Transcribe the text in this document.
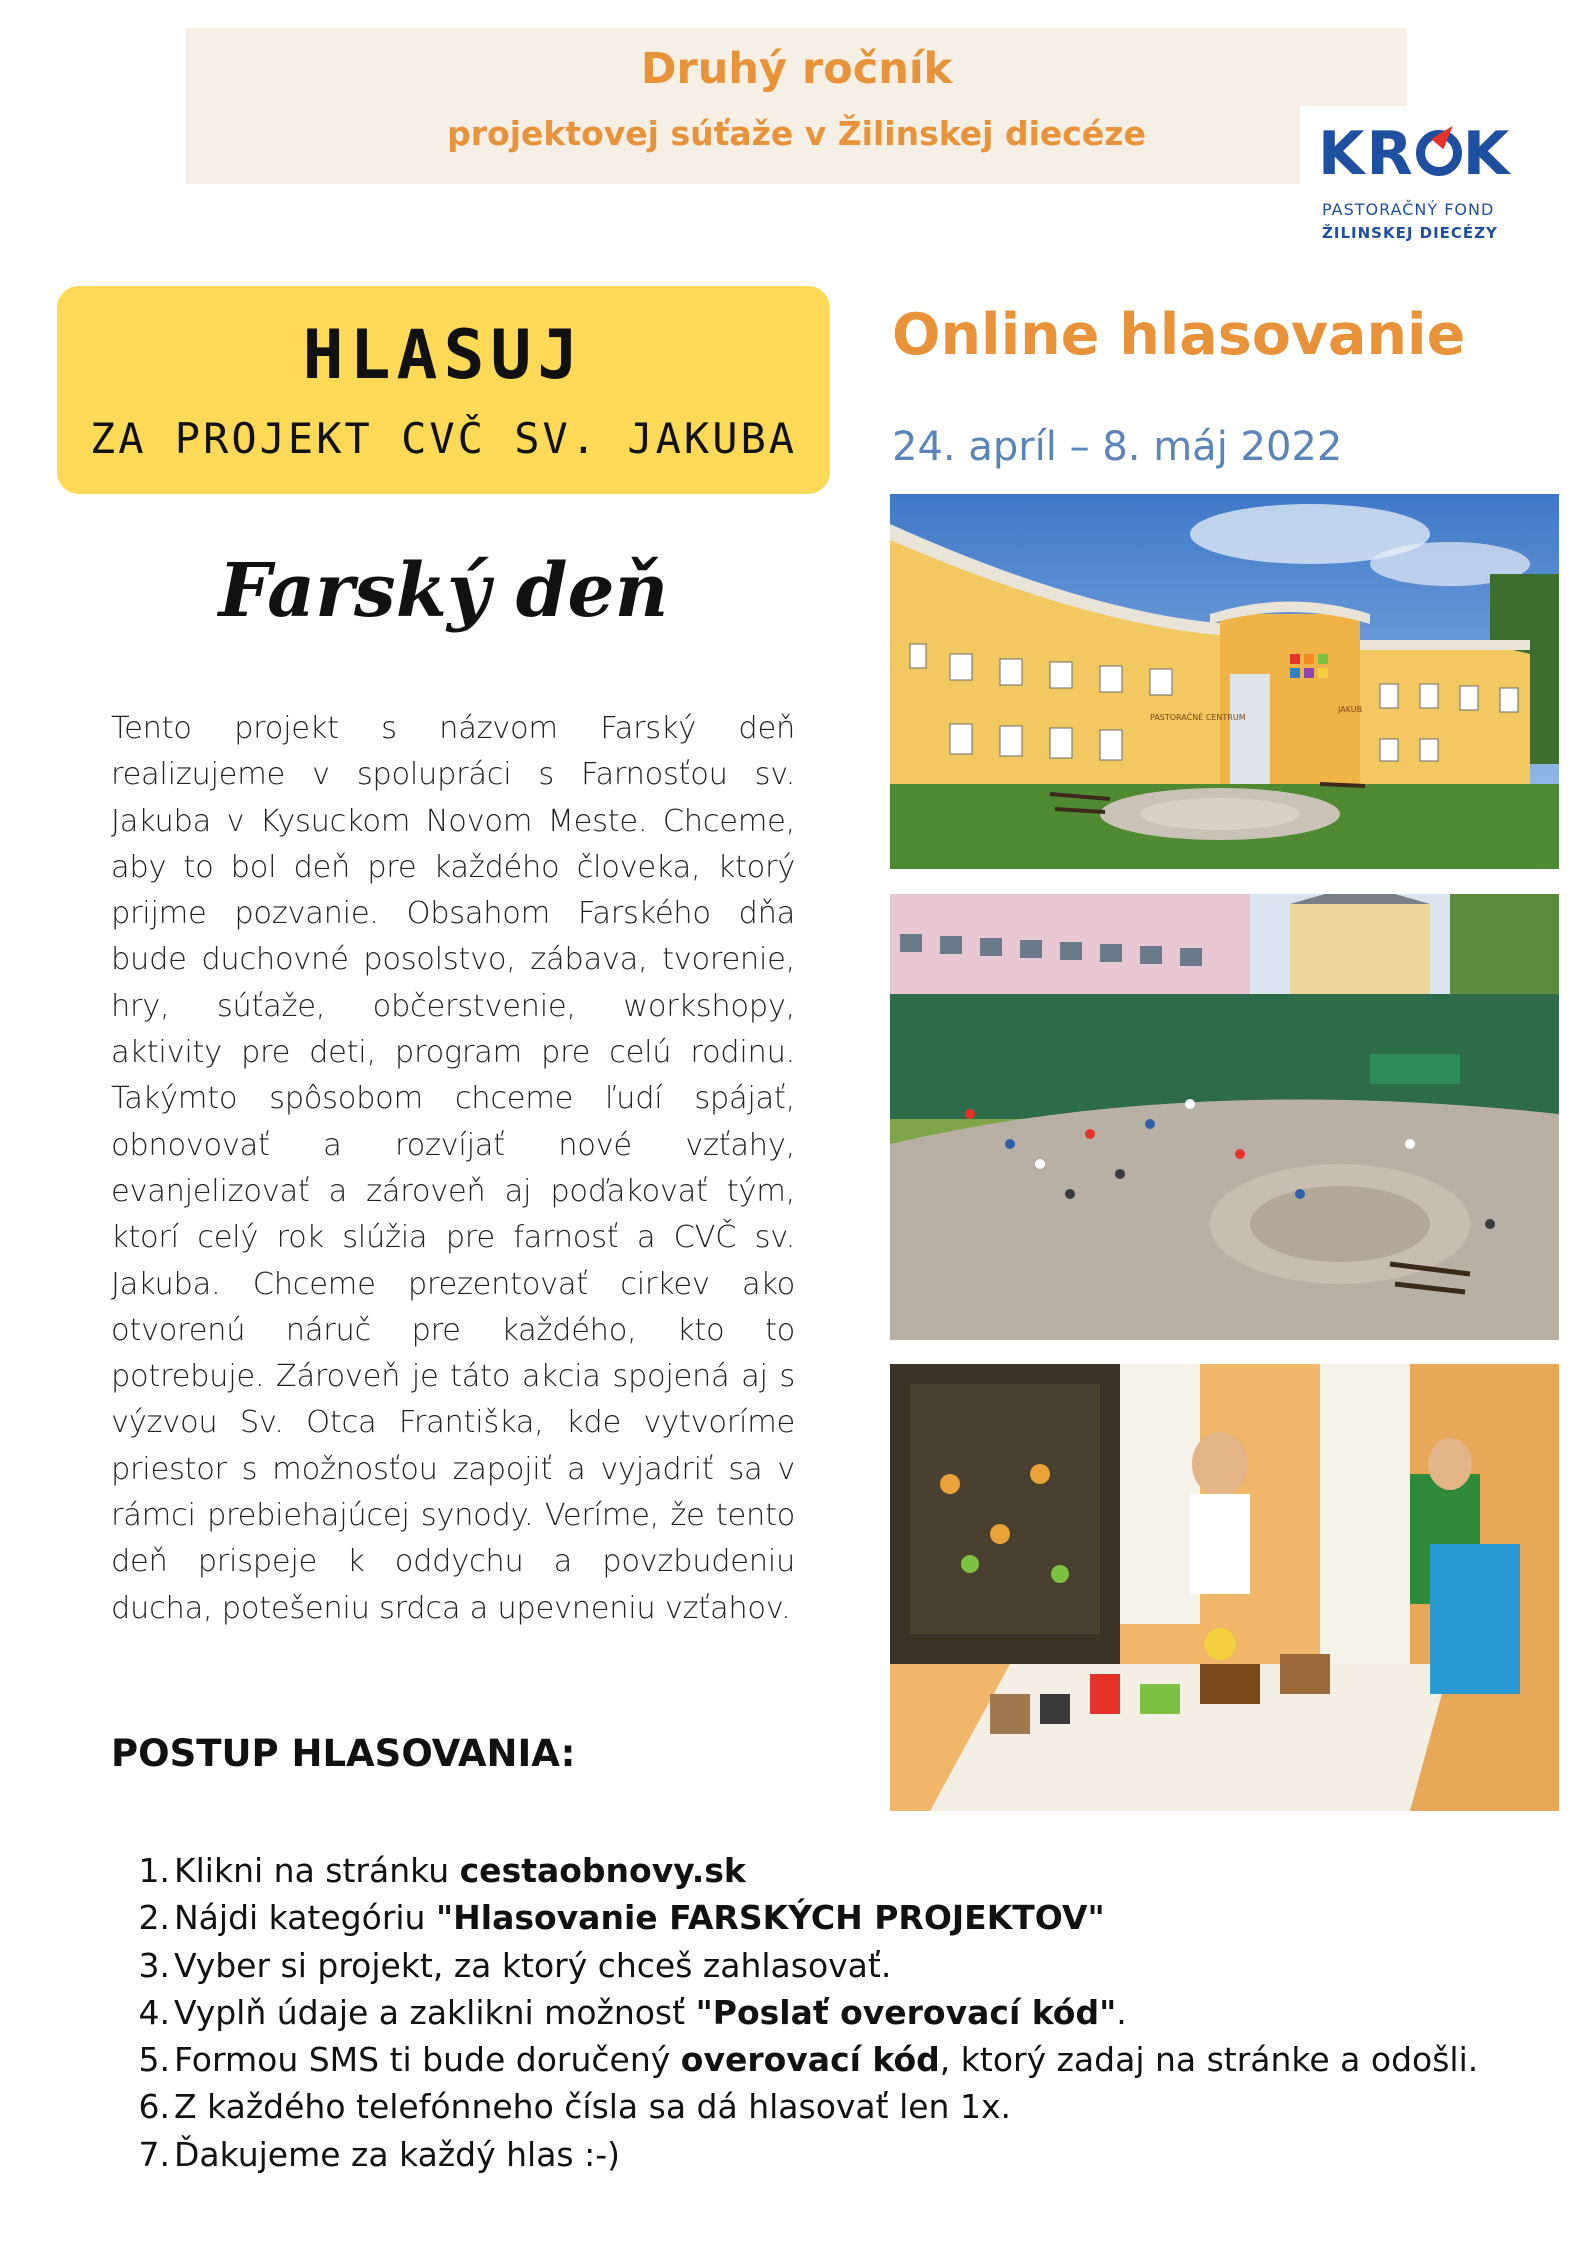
Druhý ročník
projektovej súťaže v Žilinskej diecéze	KR K
PASTORAČNÝ FOND
ŽILINSKEJ DIECÉZY
HLASUJ
ZA PROJEKT CVČ SV. JAKUBA
Online hlasovanie
24. apríl – 8. máj 2022
Farský deň
Tento projekt s názvom Farský deň realizujeme v spolupráci s Farnosťou sv. Jakuba v Kysuckom Novom Meste. Chceme, aby to bol deň pre každého človeka, ktorý prijme pozvanie. Obsahom Farského dňa bude duchovné posolstvo, zábava, tvorenie, hry, súťaže, občerstvenie, workshopy, aktivity pre deti, program pre celú rodinu. Takýmto spôsobom chceme ľudí spájať, obnovovať a rozvíjať nové vzťahy, evanjelizovať a zároveň aj poďakovať tým, ktorí celý rok slúžia pre farnosť a CVČ sv. Jakuba. Chceme prezentovať cirkev ako otvorenú náruč pre každého, kto to potrebuje. Zároveň je táto akcia spojená aj s výzvou Sv. Otca Františka, kde vytvoríme priestor s možnosťou zapojiť a vyjadriť sa v rámci prebiehajúcej synody. Veríme, že tento deň prispeje k oddychu a povzbudeniu ducha, potešeniu srdca a upevneniu vzťahov.
PASTORAČNÉ CENTRUM
JAKUB
POSTUP HLASOVANIA:
1. Klikni na stránku cestaobnovy.sk
2. Nájdi kategóriu "Hlasovanie FARSKÝCH PROJEKTOV"
3. Vyber si projekt, za ktorý chceš zahlasovať.
4. Vyplň údaje a zaklikni možnosť "Poslať overovací kód".
5. Formou SMS ti bude doručený overovací kód, ktorý zadaj na stránke a odošli.
6. Z každého telefónneho čísla sa dá hlasovať len 1x.
7. Ďakujeme za každý hlas :-)
